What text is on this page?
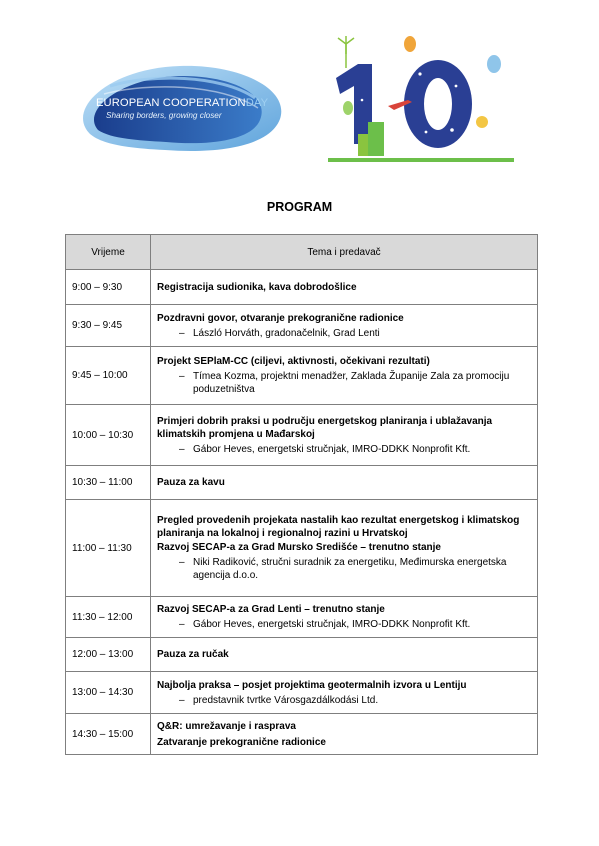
EUROPEAN COOPERATIONDAY
Sharing borders, growing closer
PROGRAM
Vrijeme	Tema i predavač
9:00 – 9:30	Registracija sudionika, kava dobrodošlice

9:30 – 9:45	Pozdravni govor, otvaranje prekogranične radionice
– László Horváth, gradonačelnik, Grad Lenti

9:45 – 10:00	Projekt SEPlaM-CC (ciljevi, aktivnosti, očekivani rezultati)
– Tímea Kozma, projektni menadžer, Zaklada Županije Zala za promociju poduzetništva

10:00 – 10:30	Primjeri dobrih praksi u području energetskog planiranja i ublažavanja klimatskih promjena u Mađarskoj
– Gábor Heves, energetski stručnjak, IMRO-DDKK Nonprofit Kft.

10:30 – 11:00	Pauza za kavu

11:00 – 11:30	Pregled provedenih projekata nastalih kao rezultat energetskog i klimatskog planiranja na lokalnoj i regionalnoj razini u Hrvatskoj
Razvoj SECAP-a za Grad Mursko Središće – trenutno stanje
– Niki Radiković, stručni suradnik za energetiku, Međimurska energetska agencija d.o.o.

11:30 – 12:00	Razvoj SECAP-a za Grad Lenti – trenutno stanje
– Gábor Heves, energetski stručnjak, IMRO-DDKK Nonprofit Kft.

12:00 – 13:00	Pauza za ručak

13:00 – 14:30	Najbolja praksa – posjet projektima geotermalnih izvora u Lentiju
– predstavnik tvrtke Városgazdálkodási Ltd.

14:30 – 15:00	Q&R: umrežavanje i rasprava
Zatvaranje prekogranične radionice
